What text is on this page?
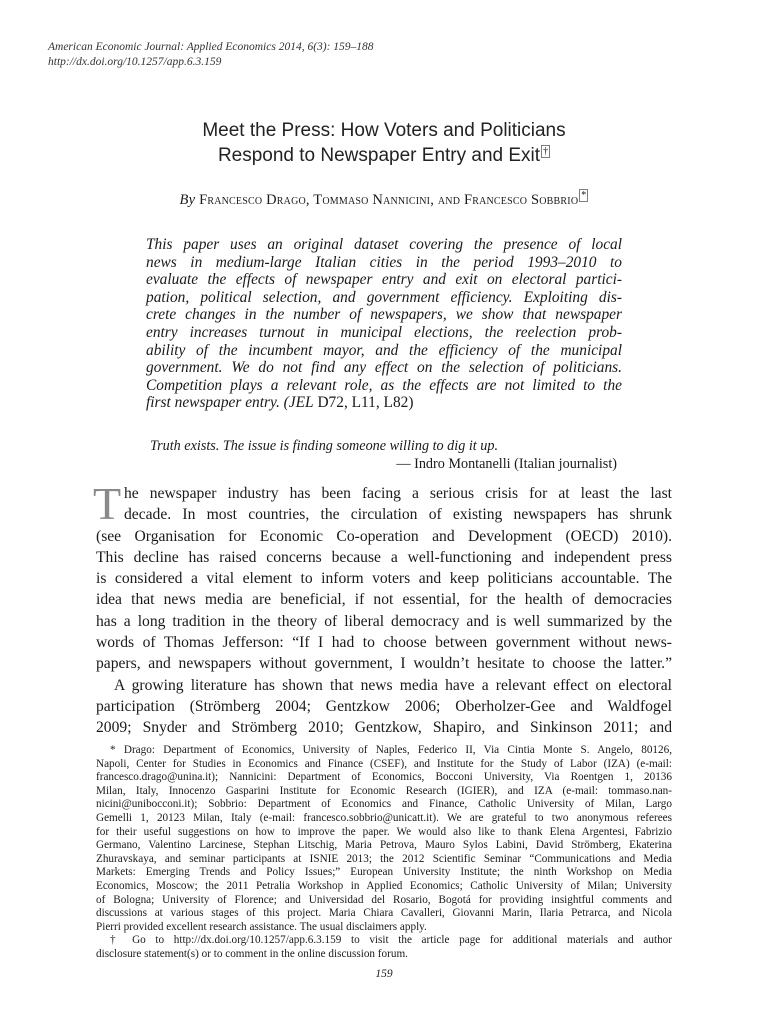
American Economic Journal: Applied Economics 2014, 6(3): 159–188
http://dx.doi.org/10.1257/app.6.3.159
Meet the Press: How Voters and Politicians
Respond to Newspaper Entry and Exit †
By Francesco Drago, Tommaso Nannicini, and Francesco Sobbrio *
This paper uses an original dataset covering the presence of local
news in medium-large Italian cities in the period 1993–2010 to
evaluate the effects of newspaper entry and exit on electoral partici-
pation, political selection, and government efficiency. Exploiting dis-
crete changes in the number of newspapers, we show that newspaper
entry increases turnout in municipal elections, the reelection prob-
ability of the incumbent mayor, and the efficiency of the municipal
government. We do not find any effect on the selection of politicians.
Competition plays a relevant role, as the effects are not limited to the
first newspaper entry. (JEL D72, L11, L82)
Truth exists. The issue is finding someone willing to dig it up.
— Indro Montanelli (Italian journalist)
T he newspaper industry has been facing a serious crisis for at least the last
decade. In most countries, the circulation of existing newspapers has shrunk
(see Organisation for Economic Co-operation and Development (OECD) 2010).
This decline has raised concerns because a well-functioning and independent press
is considered a vital element to inform voters and keep politicians accountable. The
idea that news media are beneficial, if not essential, for the health of democracies
has a long tradition in the theory of liberal democracy and is well summarized by the
words of Thomas Jefferson: “If I had to choose between government without news-
papers, and newspapers without government, I wouldn’t hesitate to choose the latter.”
A growing literature has shown that news media have a relevant effect on electoral
participation (Strömberg 2004; Gentzkow 2006; Oberholzer-Gee and Waldfogel
2009; Snyder and Strömberg 2010; Gentzkow, Shapiro, and Sinkinson 2011; and
* Drago: Department of Economics, University of Naples, Federico II, Via Cintia Monte S. Angelo, 80126,
Napoli, Center for Studies in Economics and Finance (CSEF), and Institute for the Study of Labor (IZA) (e-mail:
francesco.drago@unina.it); Nannicini: Department of Economics, Bocconi University, Via Roentgen 1, 20136
Milan, Italy, Innocenzo Gasparini Institute for Economic Research (IGIER), and IZA (e-mail: tommaso.nan-
nicini@unibocconi.it); Sobbrio: Department of Economics and Finance, Catholic University of Milan, Largo
Gemelli 1, 20123 Milan, Italy (e-mail: francesco.sobbrio@unicatt.it). We are grateful to two anonymous referees
for their useful suggestions on how to improve the paper. We would also like to thank Elena Argentesi, Fabrizio
Germano, Valentino Larcinese, Stephan Litschig, Maria Petrova, Mauro Sylos Labini, David Strömberg, Ekaterina
Zhuravskaya, and seminar participants at ISNIE 2013; the 2012 Scientific Seminar “Communications and Media
Markets: Emerging Trends and Policy Issues;” European University Institute; the ninth Workshop on Media
Economics, Moscow; the 2011 Petralia Workshop in Applied Economics; Catholic University of Milan; University
of Bologna; University of Florence; and Universidad del Rosario, Bogotá for providing insightful comments and
discussions at various stages of this project. Maria Chiara Cavalleri, Giovanni Marin, Ilaria Petrarca, and Nicola
Pierri provided excellent research assistance. The usual disclaimers apply.
† Go to http://dx.doi.org/10.1257/app.6.3.159 to visit the article page for additional materials and author
disclosure statement(s) or to comment in the online discussion forum.
159
